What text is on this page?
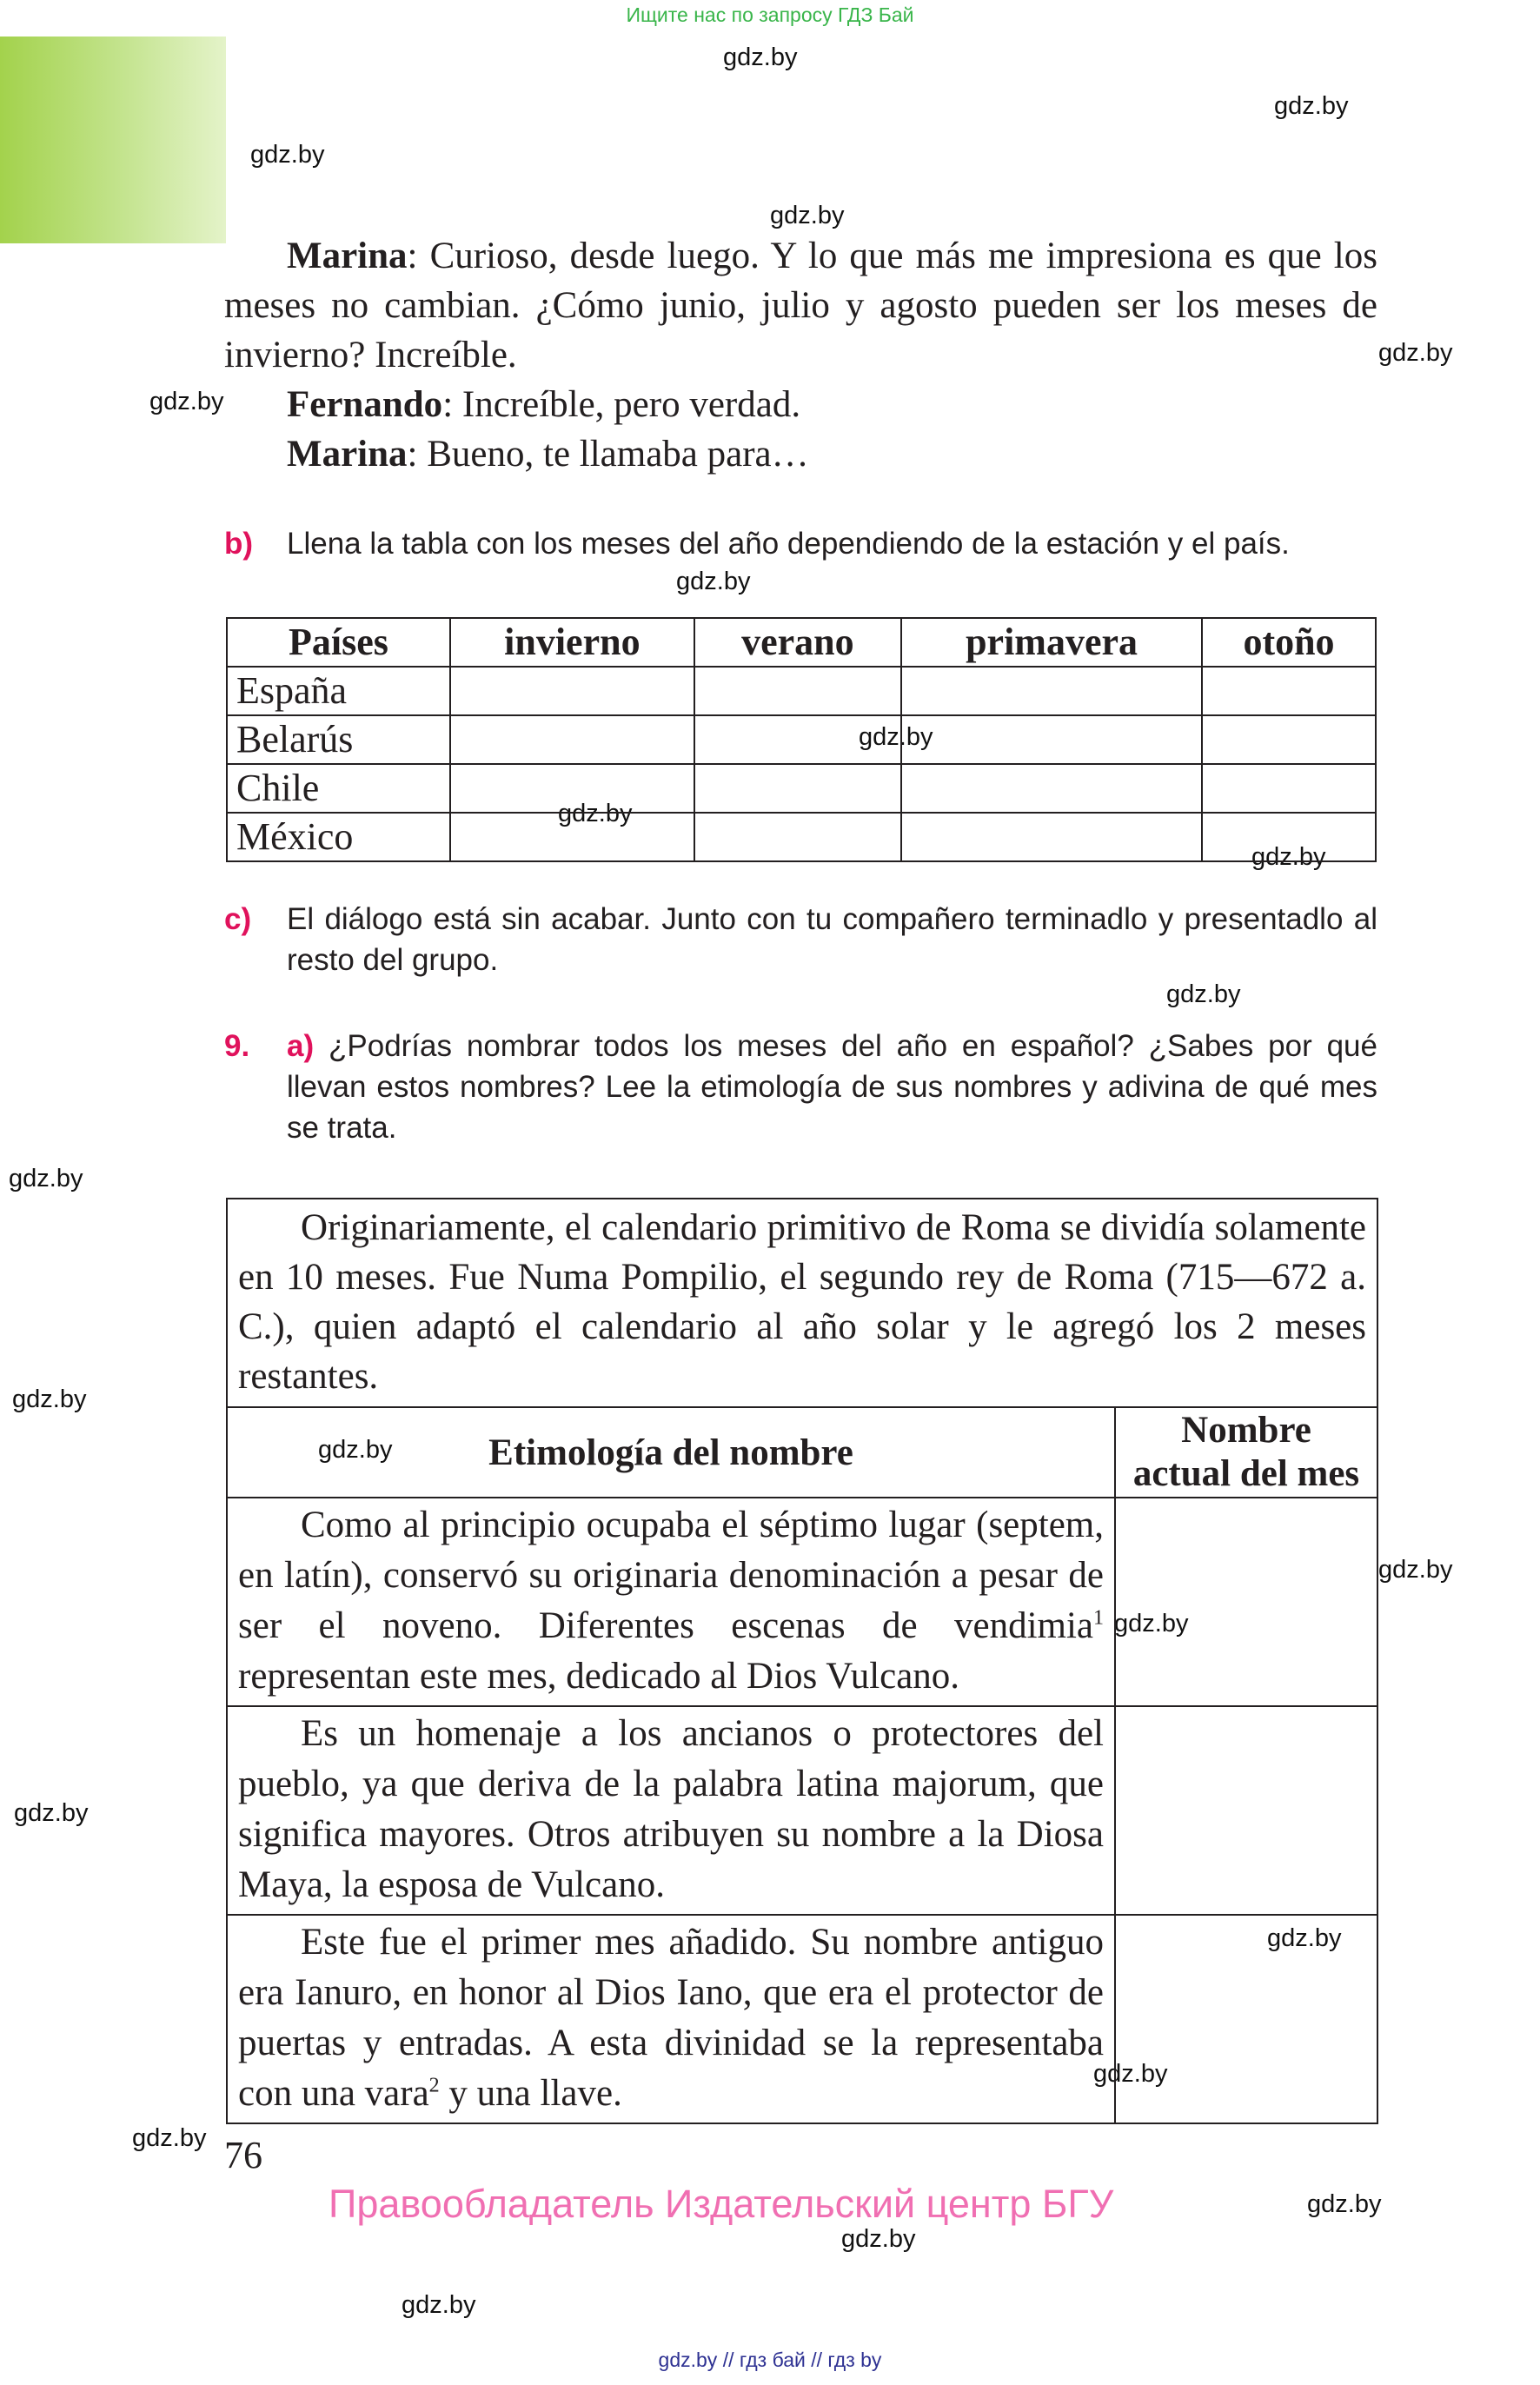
Ищите нас по запросу ГДЗ Бай
gdz.by
gdz.by
gdz.by
gdz.by
gdz.by
gdz.by
gdz.by
gdz.by
gdz.by
gdz.by
gdz.by
gdz.by
gdz.by
gdz.by
gdz.by
gdz.by
gdz.by
gdz.by
gdz.by
gdz.by
gdz.by
gdz.by
gdz.by

Marina: Curioso, desde luego. Y lo que más me impresiona es que los meses no cambian. ¿Cómo junio, julio y agosto pueden ser los meses de invierno? Increíble.

Fernando: Increíble, pero verdad.

Marina: Bueno, te llamaba para…

b) Llena la tabla con los meses del año dependiendo de la estación y el país.
Países	invierno	verano	primavera	otoño
España				
Belarús				
Chile				
México				
c) El diálogo está sin acabar. Junto con tu compañero terminadlo y presentadlo al resto del grupo.
9. a) ¿Podrías nombrar todos los meses del año en español? ¿Sabes por qué llevan estos nombres? Lee la etimología de sus nombres y adivina de qué mes se trata.
Originariamente, el calendario primitivo de Roma se dividía solamente en 10 meses. Fue Numa Pompilio, el segundo rey de Roma (715—672 a. C.), quien adaptó el calendario al año solar y le agregó los 2 meses restantes.	
Etimología del nombre	Nombre
actual del mes
Como al principio ocupaba el séptimo lugar (septem, en latín), conservó su originaria denominación a pesar de ser el noveno. Diferentes escenas de vendimia$^1$ representan este mes, dedicado al Dios Vulcano.	
Es un homenaje a los ancianos o protectores del pueblo, ya que deriva de la palabra latina majorum, que significa mayores. Otros atribuyen su nombre a la Diosa Maya, la esposa de Vulcano.	
Este fue el primer mes añadido. Su nombre antiguo era Ianuro, en honor al Dios Iano, que era el protector de puertas y entradas. A esta divinidad se la representaba con una vara$^2$ y una llave.	
76
Правообладатель Издательский центр БГУ
gdz.by // гдз бай // гдз by
